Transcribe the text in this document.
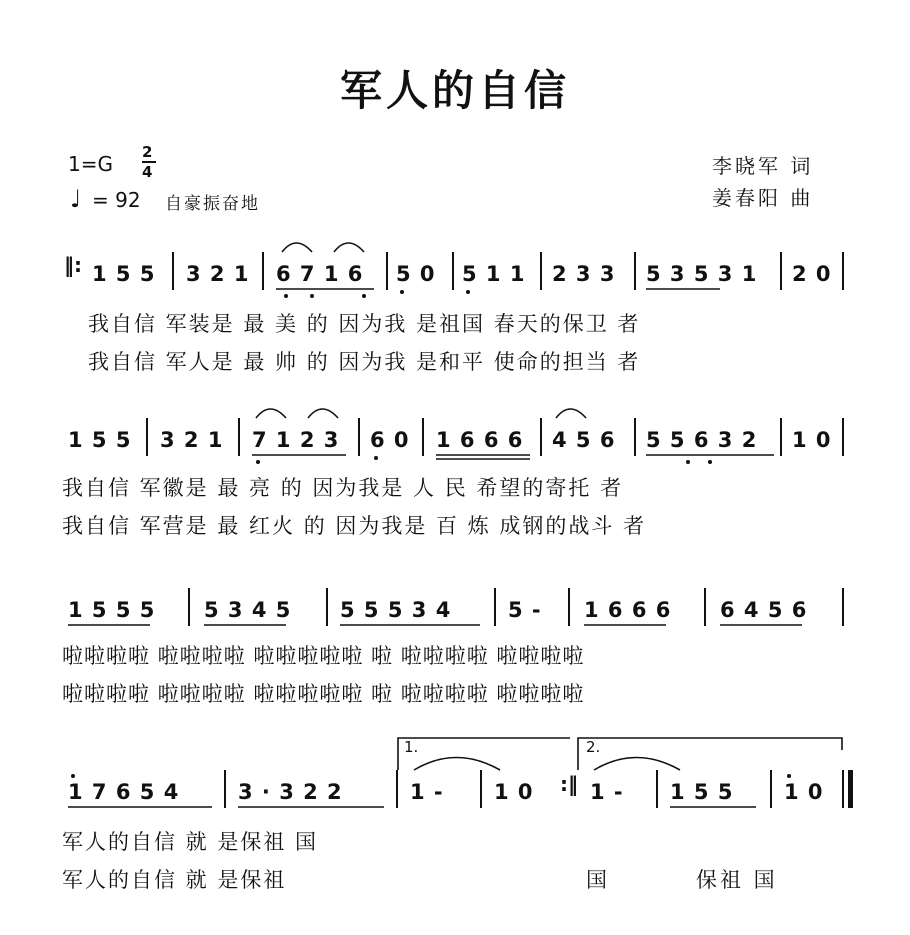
军人的自信
1=G 2
4
♩ = 92 自豪振奋地
李晓军 词
姜春阳 曲
‖: 1 5 5 3 2 1 6 7 1 6 5 0 5 1 1 2 3 3 5 3 5 3 1 2 0
我自信 军装是 最 美 的 因为我 是祖国 春天的保卫 者
我自信 军人是 最 帅 的 因为我 是和平 使命的担当 者
1 5 5 3 2 1 7 1 2 3 6 0 1 6 6 6 4 5 6 5 5 6 3 2 1 0
我自信 军徽是 最 亮 的 因为我是 人 民 希望的寄托 者
我自信 军营是 最 红火 的 因为我是 百 炼 成钢的战斗 者
1 5 5 5 5 3 4 5 5 5 5 3 4	5 - 1 6 6 6 6 4 5 6
啦啦啦啦 啦啦啦啦 啦啦啦啦啦 啦 啦啦啦啦 啦啦啦啦
啦啦啦啦 啦啦啦啦 啦啦啦啦啦 啦 啦啦啦啦 啦啦啦啦
1.	2.
1 7 6 5 4	3 · 3 2 2	1 - 1 0 :‖ 1 - 1 5 5 1 0
军人的自信 就 是保祖 国
军人的自信 就 是保祖	国	保祖 国
